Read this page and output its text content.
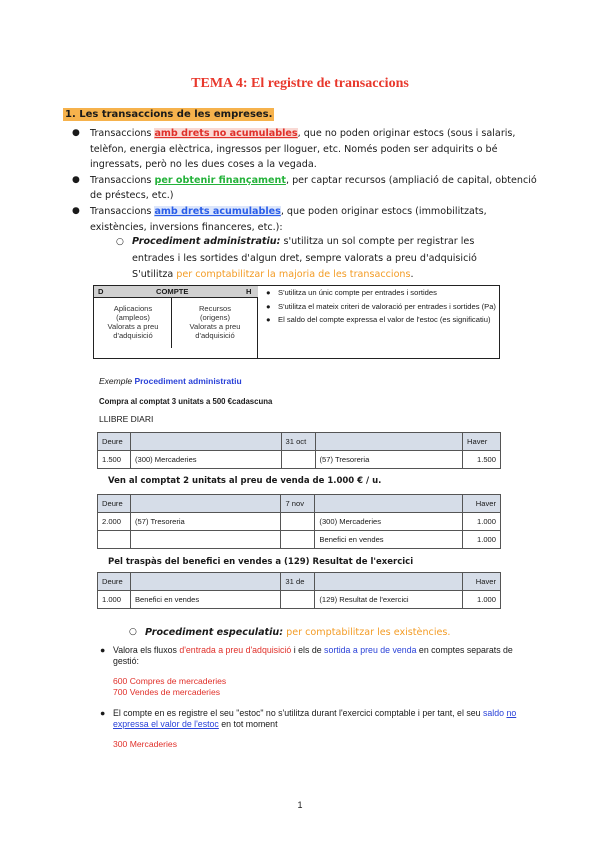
TEMA 4: El registre de transaccions
1. Les transaccions de les empreses.
● Transaccions amb drets no acumulables, que no poden originar estocs (sous i salaris, telèfon, energia elèctrica, ingressos per lloguer, etc. Només poden ser adquirits o bé ingressats, però no les dues coses a la vegada.
● Transaccions per obtenir finançament, per captar recursos (ampliació de capital, obtenció de préstecs, etc.)
● Transaccions amb drets acumulables, que poden originar estocs (immobilitzats, existències, inversions financeres, etc.):
○ Procediment administratiu: s'utilitza un sol compte per registrar les entrades i les sortides d'algun dret, sempre valorats a preu d'adquisició S'utilitza per comptabilitzar la majoria de les transaccions.
D	COMPTE	H
Aplicacions
(ampleos)
Valorats a preu
d'adquisició
Recursos
(origens)
Valorats a preu
d'adquisició
● S'utilitza un únic compte per entrades i sortides
● S'utilitza el mateix criteri de valoració per entrades i sortides (Pa)
● El saldo del compte expressa el valor de l'estoc (es significatiu)
Exemple Procediment administratiu
Compra al comptat 3 unitats a 500 €cadascuna
LLIBRE DIARI
Deure		31 oct		Haver
1.500	(300) Mercaderies		(57) Tresoreria	1.500
Ven al comptat 2 unitats al preu de venda de 1.000 € / u.
Deure		7 nov		Haver
2.000	(57) Tresoreria		(300) Mercaderies	1.000
			Benefici en vendes	1.000
Pel traspàs del benefici en vendes a (129) Resultat de l'exercici
Deure		31 de		Haver
1.000	Benefici en vendes		(129) Resultat de l'exercici	1.000
○ Procediment especulatiu: per comptabilitzar les existències.
● Valora els fluxos d'entrada a preu d'adquisició i els de sortida a preu de venda en comptes separats de gestió:
600 Compres de mercaderies
700 Vendes de mercaderies
● El compte en es registre el seu "estoc" no s'utilitza durant l'exercici comptable i per tant, el seu saldo no expressa el valor de l'estoc en tot moment
300 Mercaderies
1
